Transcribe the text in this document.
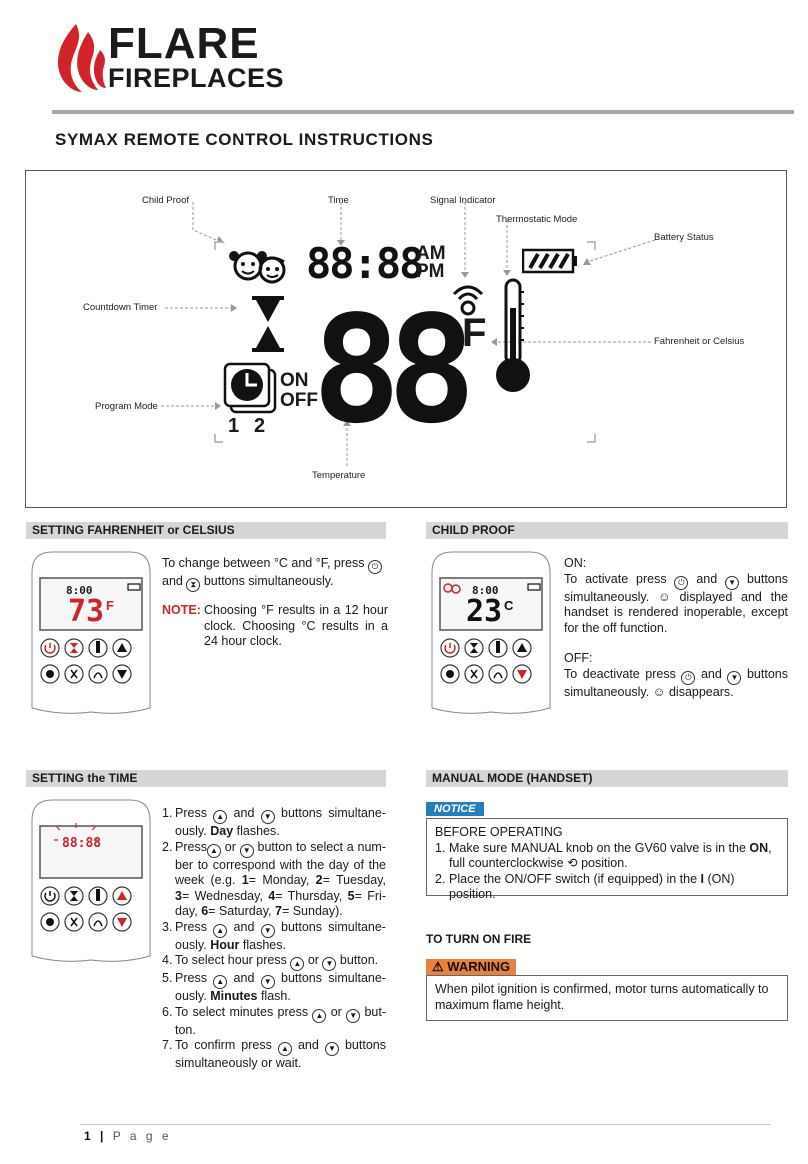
FLARE
FIREPLACES
SYMAX REMOTE CONTROL INSTRUCTIONS
Child Proof	Time	Signal Indicator
Thermostatic Mode
Battery Status
Countdown Timer
Fahrenheit or Celsius
Program Mode
Temperature
88:88
AM
PM
88 F
ON
OFF
1 2
SETTING FAHRENHEIT or CELSIUS
8:00
73 F
To change between °C and °F, press ⏻
and ⧗ buttons simultaneously.
NOTE: Choosing °F results in a 12 hour clock. Choosing °C results in a 24 hour clock.
CHILD PROOF
8:00
23 C
ON:
To activate press ⏻ and ▼ buttons simultaneously. ☺ displayed and the handset is rendered inoperable, except for the off function.
OFF:
To deactivate press ⏻ and ▼ buttons simultaneously. ☺ disappears.
SETTING the TIME
88:88
1. Press ▲ and ▼ buttons simultane-ously. Day flashes.
2. Press ▲ or ▼ button to select a num-ber to correspond with the day of the week (e.g. 1= Monday, 2= Tuesday, 3= Wednesday, 4= Thursday, 5= Fri-day, 6= Saturday, 7= Sunday).
3. Press ▲ and ▼ buttons simultane-ously. Hour flashes.
4. To select hour press ▲ or ▼ button.
5. Press ▲ and ▼ buttons simultane-ously. Minutes flash.
6. To select minutes press ▲ or ▼ but-ton.
7. To confirm press ▲ and ▼ buttons simultaneously or wait.
MANUAL MODE (HANDSET)
NOTICE
BEFORE OPERATING
1. Make sure MANUAL knob on the GV60 valve is in the ON, full counterclockwise ⟲ position.
2. Place the ON/OFF switch (if equipped) in the I (ON) position.
TO TURN ON FIRE
⚠ WARNING
When pilot ignition is confirmed, motor turns automatically to maximum flame height.
1 | P a g e
